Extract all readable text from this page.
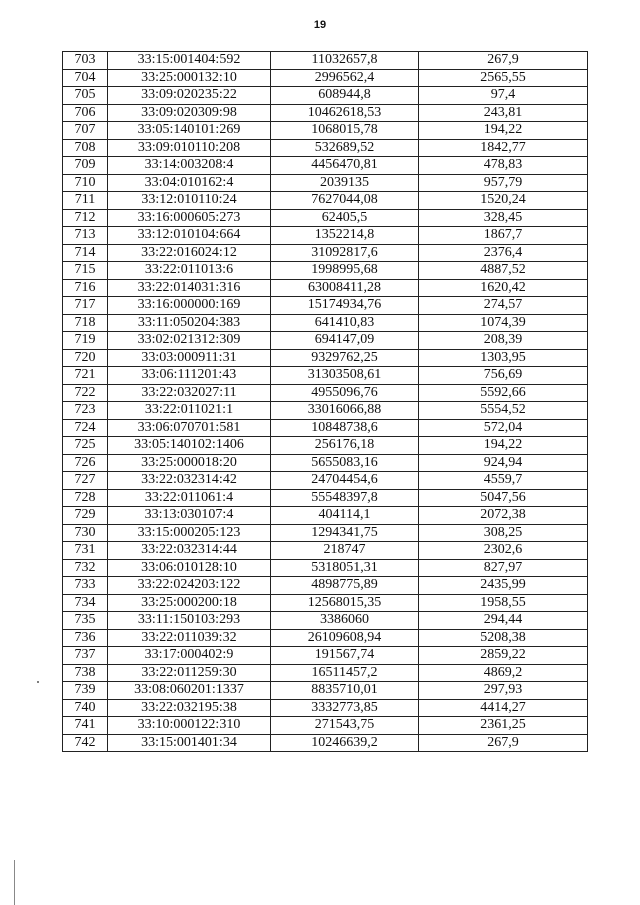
19
703	33:15:001404:592	11032657,8	267,9
704	33:25:000132:10	2996562,4	2565,55
705	33:09:020235:22	608944,8	97,4
706	33:09:020309:98	10462618,53	243,81
707	33:05:140101:269	1068015,78	194,22
708	33:09:010110:208	532689,52	1842,77
709	33:14:003208:4	4456470,81	478,83
710	33:04:010162:4	2039135	957,79
711	33:12:010110:24	7627044,08	1520,24
712	33:16:000605:273	62405,5	328,45
713	33:12:010104:664	1352214,8	1867,7
714	33:22:016024:12	31092817,6	2376,4
715	33:22:011013:6	1998995,68	4887,52
716	33:22:014031:316	63008411,28	1620,42
717	33:16:000000:169	15174934,76	274,57
718	33:11:050204:383	641410,83	1074,39
719	33:02:021312:309	694147,09	208,39
720	33:03:000911:31	9329762,25	1303,95
721	33:06:111201:43	31303508,61	756,69
722	33:22:032027:11	4955096,76	5592,66
723	33:22:011021:1	33016066,88	5554,52
724	33:06:070701:581	10848738,6	572,04
725	33:05:140102:1406	256176,18	194,22
726	33:25:000018:20	5655083,16	924,94
727	33:22:032314:42	24704454,6	4559,7
728	33:22:011061:4	55548397,8	5047,56
729	33:13:030107:4	404114,1	2072,38
730	33:15:000205:123	1294341,75	308,25
731	33:22:032314:44	218747	2302,6
732	33:06:010128:10	5318051,31	827,97
733	33:22:024203:122	4898775,89	2435,99
734	33:25:000200:18	12568015,35	1958,55
735	33:11:150103:293	3386060	294,44
736	33:22:011039:32	26109608,94	5208,38
737	33:17:000402:9	191567,74	2859,22
738	33:22:011259:30	16511457,2	4869,2
739	33:08:060201:1337	8835710,01	297,93
740	33:22:032195:38	3332773,85	4414,27
741	33:10:000122:310	271543,75	2361,25
742	33:15:001401:34	10246639,2	267,9
